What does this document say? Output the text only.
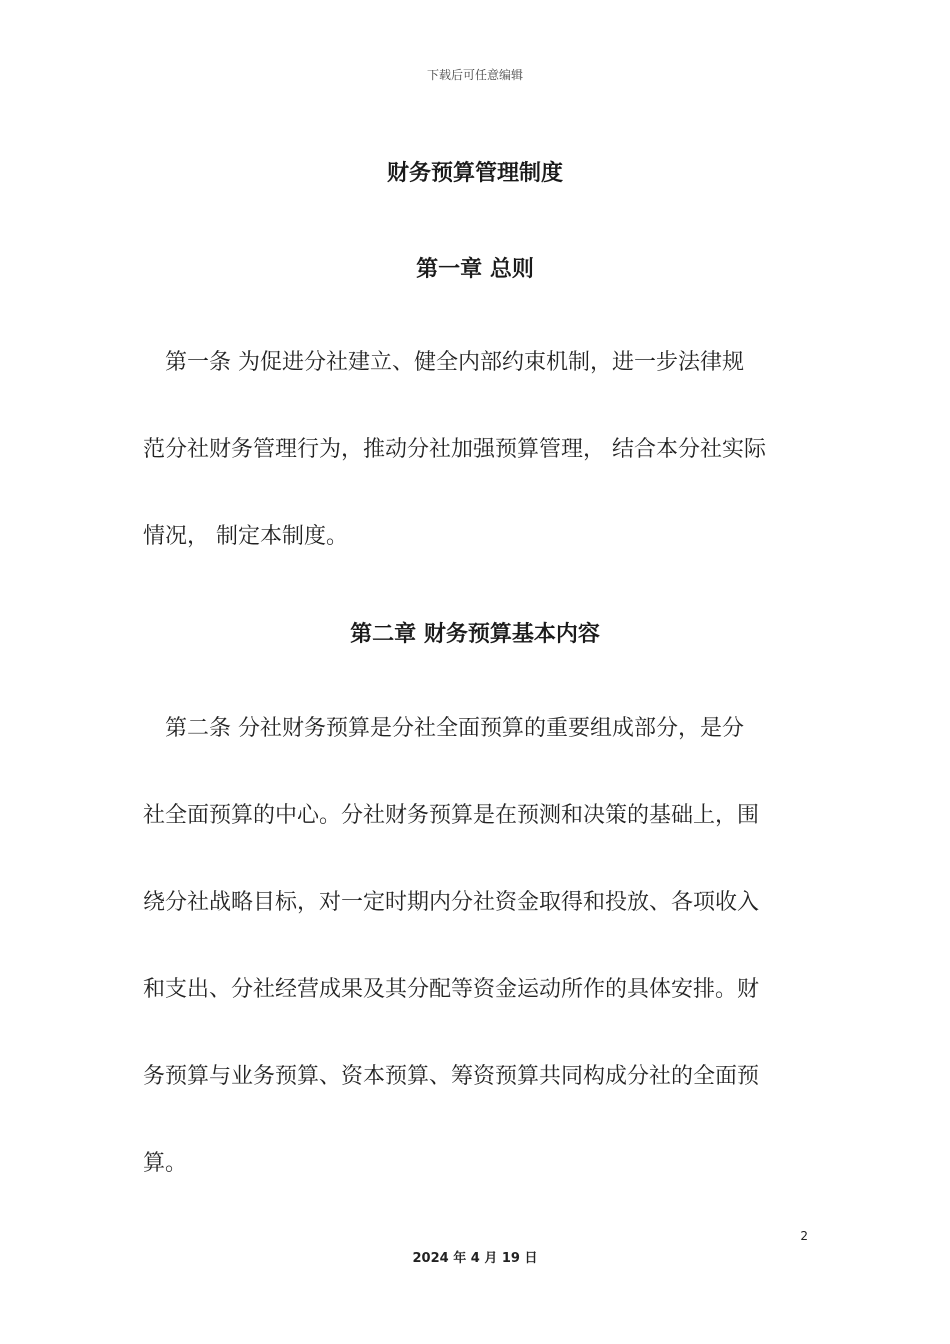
下载后可任意编辑
财务预算管理制度
第一章 总则
　第一条 为促进分社建立、健全内部约束机制，进一步法律规
范分社财务管理行为，推动分社加强预算管理， 结合本分社实际
情况， 制定本制度。
第二章 财务预算基本内容
　第二条 分社财务预算是分社全面预算的重要组成部分，是分
社全面预算的中心。分社财务预算是在预测和决策的基础上，围
绕分社战略目标，对一定时期内分社资金取得和投放、各项收入
和支出、分社经营成果及其分配等资金运动所作的具体安排。财
务预算与业务预算、资本预算、筹资预算共同构成分社的全面预
算。
2
2024 年 4 月 19 日
